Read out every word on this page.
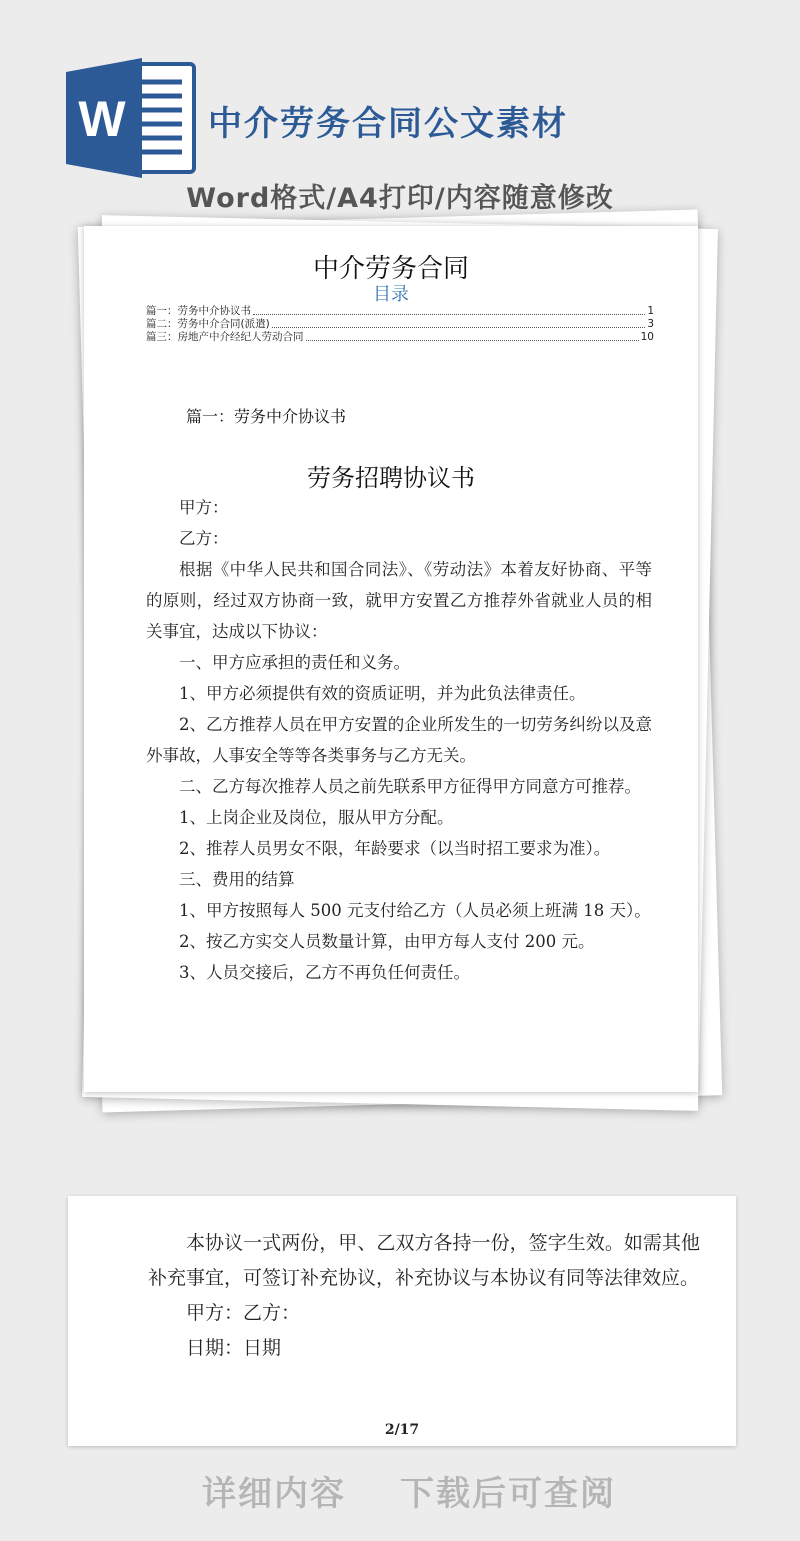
W 中介劳务合同公文素材
Word格式/A4打印/内容随意修改
中介劳务合同
目录
篇一：劳务中介协议书	1
篇二：劳务中介合同(派遣)	3
篇三：房地产中介经纪人劳动合同	10
篇一：劳务中介协议书
劳务招聘协议书

甲方：

乙方：

根据《中华人民共和国合同法》、《劳动法》本着友好协商、平等的原则，经过双方协商一致，就甲方安置乙方推荐外省就业人员的相关事宜，达成以下协议：

一、甲方应承担的责任和义务。

1、甲方必须提供有效的资质证明，并为此负法律责任。

2、乙方推荐人员在甲方安置的企业所发生的一切劳务纠纷以及意外事故，人事安全等等各类事务与乙方无关。

二、乙方每次推荐人员之前先联系甲方征得甲方同意方可推荐。

1、上岗企业及岗位，服从甲方分配。

2、推荐人员男女不限，年龄要求（以当时招工要求为准）。

三、费用的结算

1、甲方按照每人 500 元支付给乙方（人员必须上班满 18 天）。

2、按乙方实交人员数量计算，由甲方每人支付 200 元。

3、人员交接后，乙方不再负任何责任。

本协议一式两份，甲、乙双方各持一份，签字生效。如需其他补充事宜，可签订补充协议，补充协议与本协议有同等法律效应。

甲方：乙方：

日期：日期

2/17
详细内容 下载后可查阅
